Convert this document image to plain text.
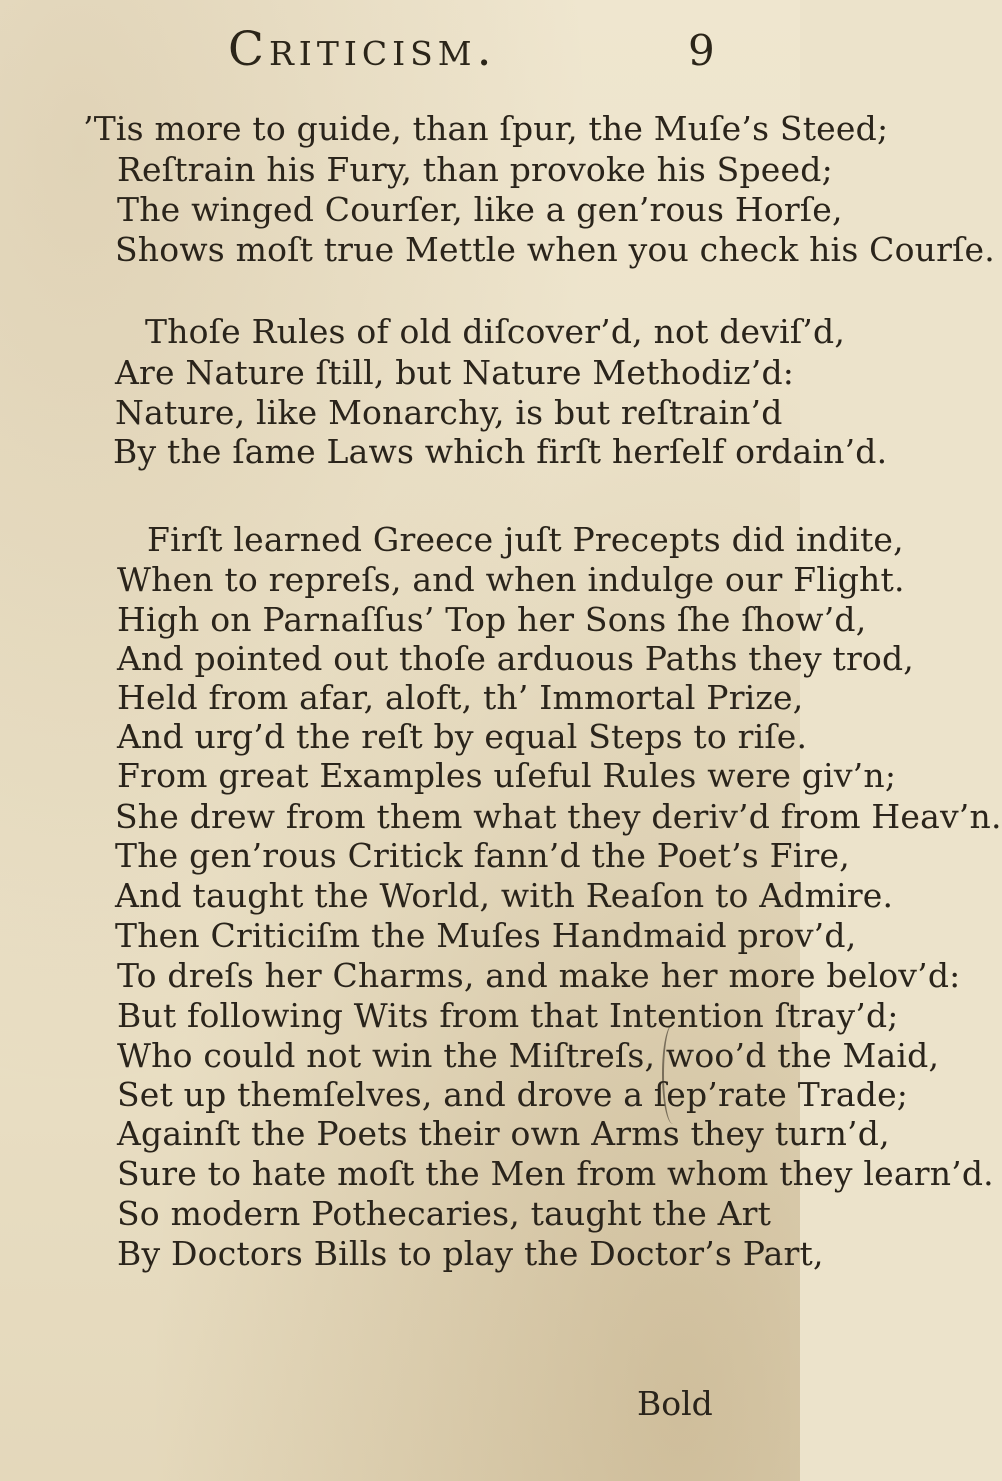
Criticism.	9
’Tis more to guide, than ſpur, the Muſe’s Steed;
Reſtrain his Fury, than provoke his Speed;
The winged Courſer, like a gen’rous Horſe,
Shows moſt true Mettle when you check his Courſe.
Thoſe Rules of old diſcover’d, not deviſ’d,
Are Nature ſtill, but Nature Methodiz’d:
Nature, like Monarchy, is but reſtrain’d
By the ſame Laws which firſt herſelf ordain’d.
Firſt learned Greece juſt Precepts did indite,
When to repreſs, and when indulge our Flight.
High on Parnaſſus’ Top her Sons ſhe ſhow’d,
And pointed out thoſe arduous Paths they trod,
Held from afar, aloft, th’ Immortal Prize,
And urg’d the reſt by equal Steps to riſe.
From great Examples uſeful Rules were giv’n;
She drew from them what they deriv’d from Heav’n.
The gen’rous Critick fann’d the Poet’s Fire,
And taught the World, with Reaſon to Admire.
Then Criticiſm the Muſes Handmaid prov’d,
To dreſs her Charms, and make her more belov’d:
But following Wits from that Intention ſtray’d;
Who could not win the Miſtreſs, woo’d the Maid,
Set up themſelves, and drove a ſep’rate Trade;
Againſt the Poets their own Arms they turn’d,
Sure to hate moſt the Men from whom they learn’d.
So modern Pothecaries, taught the Art
By Doctors Bills to play the Doctor’s Part,
Bold
